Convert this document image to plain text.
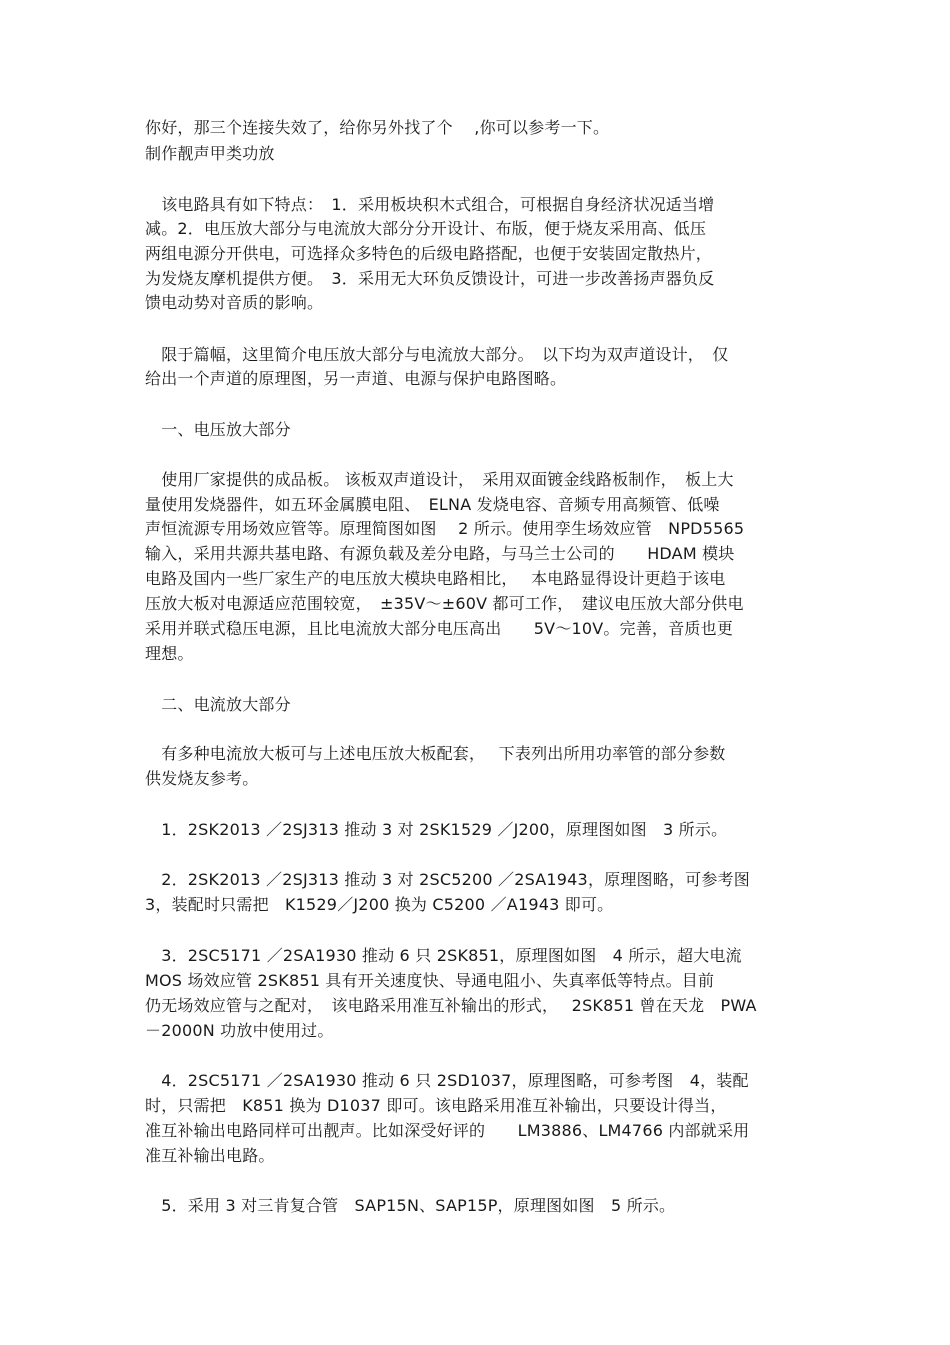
你好，那三个连接失效了，给你另外找了个　 ,你可以参考一下。

制作靓声甲类功放

　该电路具有如下特点：　1．采用板块积木式组合，可根据自身经济状况适当增

减。2．电压放大部分与电流放大部分分开设计、布版，便于烧友采用高、低压

两组电源分开供电，可选择众多特色的后级电路搭配，也便于安装固定散热片，

为发烧友摩机提供方便。　3．采用无大环负反馈设计，可进一步改善扬声器负反

馈电动势对音质的影响。

　限于篇幅，这里简介电压放大部分与电流放大部分。　以下均为双声道设计，　仅

给出一个声道的原理图，另一声道、电源与保护电路图略。

　一、电压放大部分

　使用厂家提供的成品板。 该板双声道设计，　采用双面镀金线路板制作，　板上大

量使用发烧器件，如五环金属膜电阻、　ELNA 发烧电容、音频专用高频管、低噪

声恒流源专用场效应管等。原理简图如图　 2 所示。使用孪生场效应管　NPD5565

输入，采用共源共基电路、有源负载及差分电路，与马兰士公司的　　HDAM 模块

电路及国内一些厂家生产的电压放大模块电路相比，　 本电路显得设计更趋于该电

压放大板对电源适应范围较宽，　±35V～±60V 都可工作，　建议电压放大部分供电

采用并联式稳压电源，且比电流放大部分电压高出　　5V～10V。完善，音质也更

理想。

　二、电流放大部分

　有多种电流放大板可与上述电压放大板配套，　 下表列出所用功率管的部分参数

供发烧友参考。

　1．2SK2013 ／2SJ313 推动 3 对 2SK1529 ／J200，原理图如图　3 所示。

　2．2SK2013 ／2SJ313 推动 3 对 2SC5200 ／2SA1943，原理图略，可参考图

3，装配时只需把　K1529／J200 换为 C5200 ／A1943 即可。

　3．2SC5171 ／2SA1930 推动 6 只 2SK851，原理图如图　4 所示，超大电流

MOS 场效应管 2SK851 具有开关速度快、导通电阻小、失真率低等特点。目前

仍无场效应管与之配对，　该电路采用准互补输出的形式，　 2SK851 曾在天龙　PWA

－2000N 功放中使用过。

　4．2SC5171 ／2SA1930 推动 6 只 2SD1037，原理图略，可参考图　4，装配

时，只需把　K851 换为 D1037 即可。该电路采用准互补输出，只要设计得当，

准互补输出电路同样可出靓声。比如深受好评的　　LM3886、LM4766 内部就采用

准互补输出电路。

　5．采用 3 对三肯复合管　SAP15N、SAP15P，原理图如图　5 所示。
